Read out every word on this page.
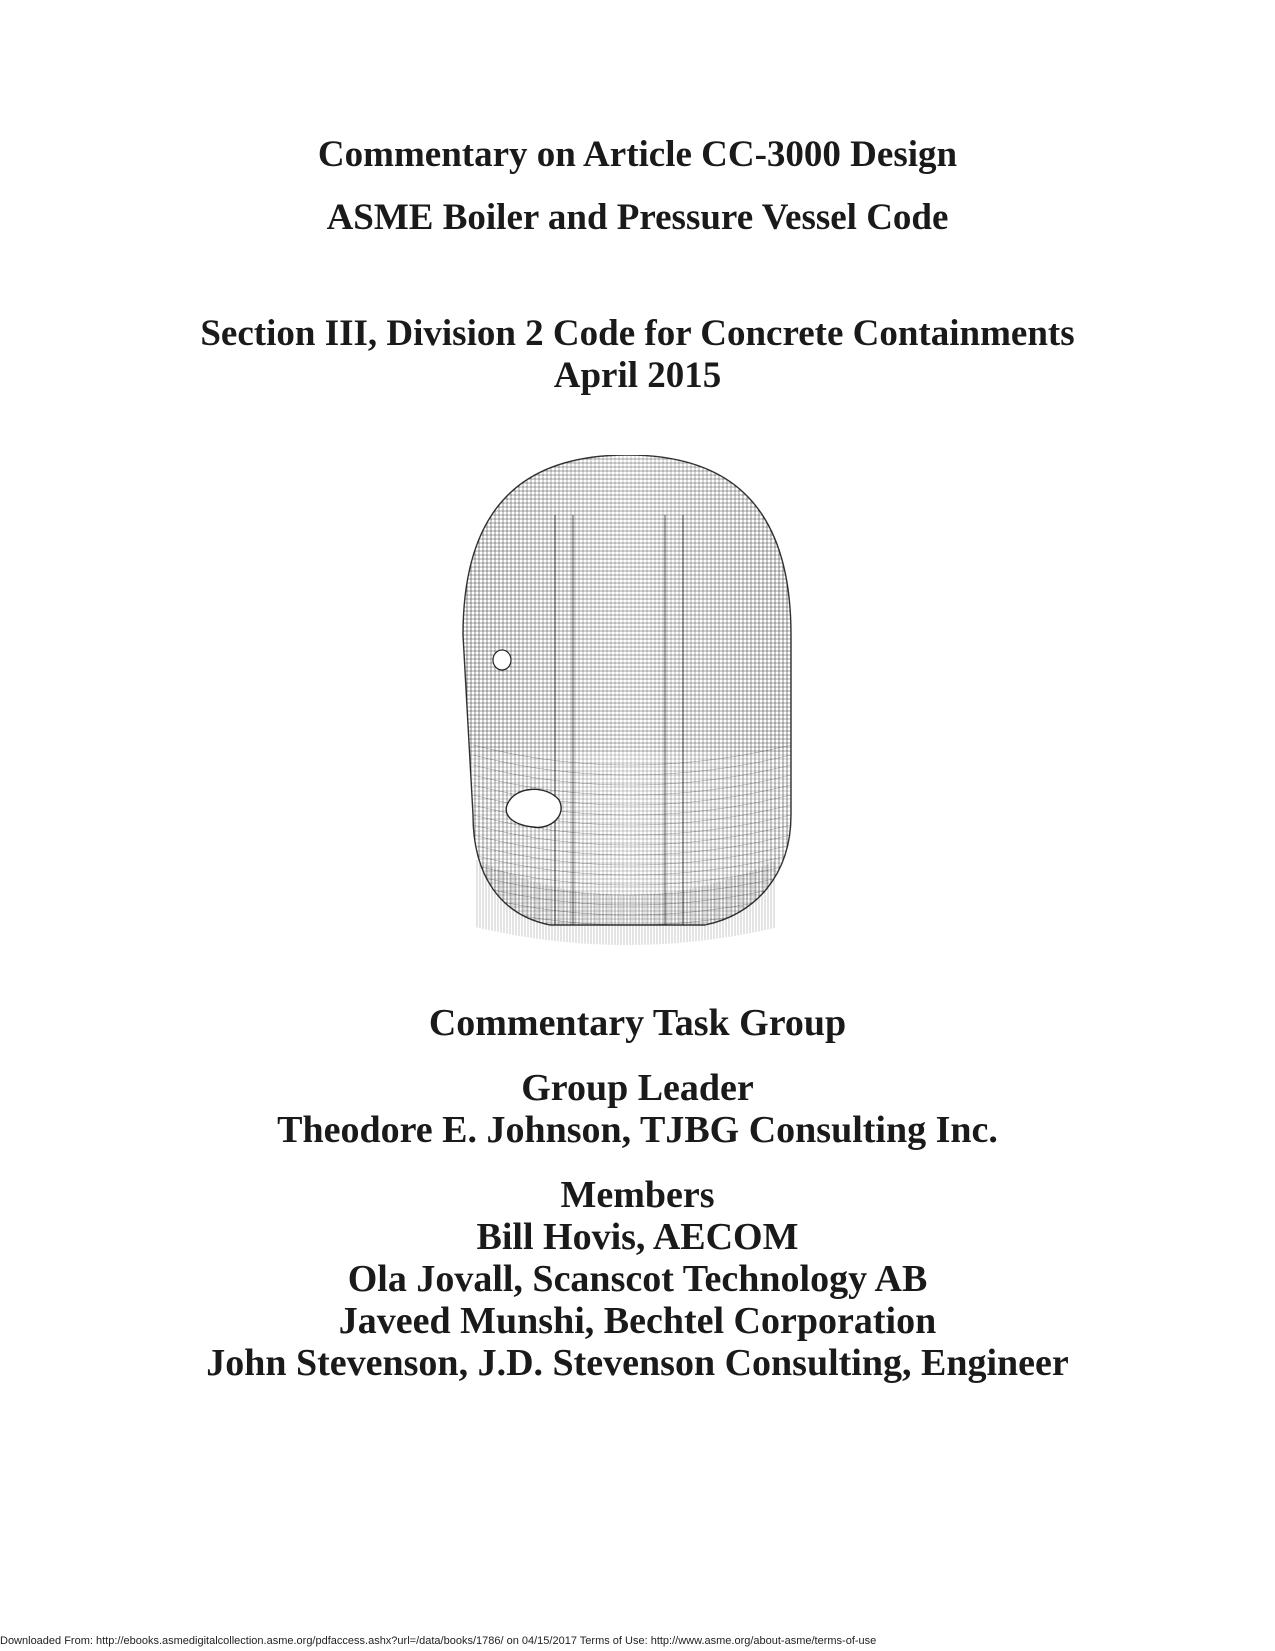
Commentary on Article CC-3000 Design
ASME Boiler and Pressure Vessel Code
Section III, Division 2 Code for Concrete Containments
April 2015
Commentary Task Group
Group Leader
Theodore E. Johnson, TJBG Consulting Inc.
Members
Bill Hovis, AECOM
Ola Jovall, Scanscot Technology AB
Javeed Munshi, Bechtel Corporation
John Stevenson, J.D. Stevenson Consulting, Engineer
Downloaded From: http://ebooks.asmedigitalcollection.asme.org/pdfaccess.ashx?url=/data/books/1786/ on 04/15/2017 Terms of Use: http://www.asme.org/about-asme/terms-of-use
